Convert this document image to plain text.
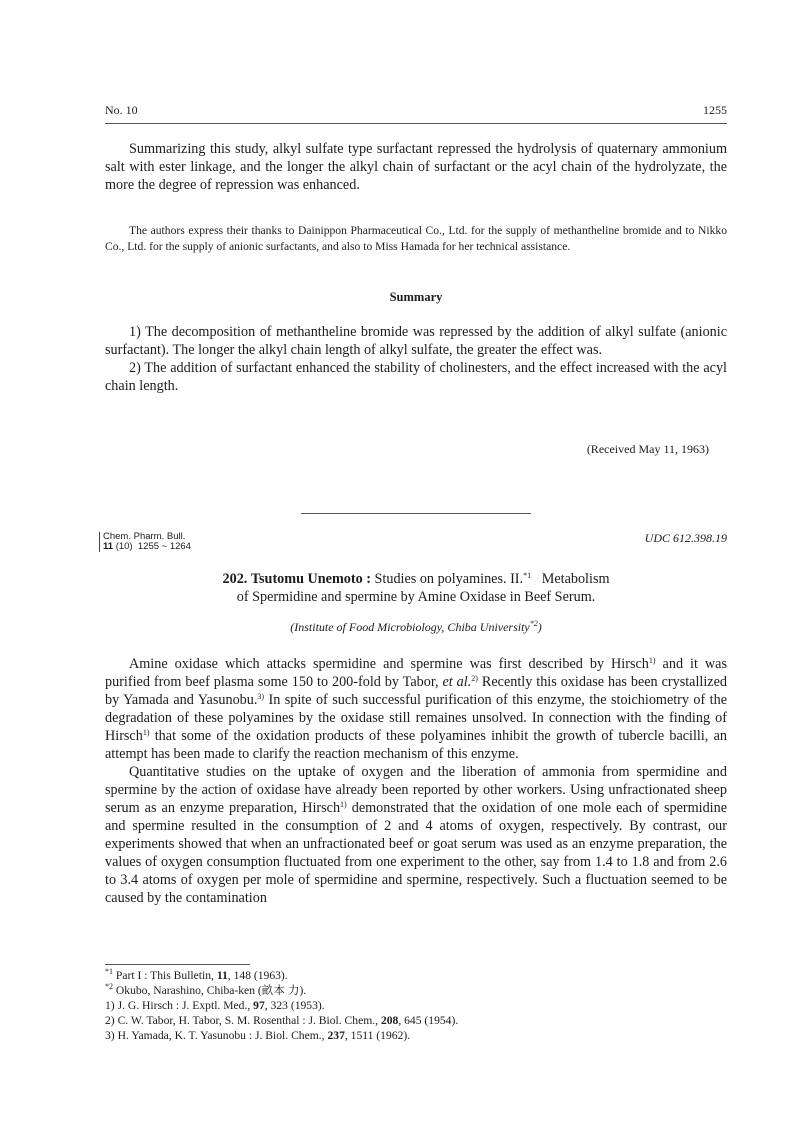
No. 10	1255

Summarizing this study, alkyl sulfate type surfactant repressed the hydrolysis of quaternary ammonium salt with ester linkage, and the longer the alkyl chain of surfactant or the acyl chain of the hydrolyzate, the more the degree of repression was enhanced.

The authors express their thanks to Dainippon Pharmaceutical Co., Ltd. for the supply of methantheline bromide and to Nikko Co., Ltd. for the supply of anionic surfactants, and also to Miss Hamada for her technical assistance.

Summary

1) The decomposition of methantheline bromide was repressed by the addition of alkyl sulfate (anionic surfactant). The longer the alkyl chain length of alkyl sulfate, the greater the effect was.

2) The addition of surfactant enhanced the stability of cholinesters, and the effect increased with the acyl chain length.

(Received May 11, 1963)
Chem. Pharm. Bull.
11 (10) 1255 ~ 1264
UDC 612.398.19
202. Tsutomu Unemoto : Studies on polyamines. II.$^{*1}$ Metabolism
of Spermidine and spermine by Amine Oxidase in Beef Serum.
(Institute of Food Microbiology, Chiba University$^{*2}$)

Amine oxidase which attacks spermidine and spermine was first described by Hirsch$^{1)}$ and it was purified from beef plasma some 150 to 200-fold by Tabor, et al.$^{2)}$ Recently this oxidase has been crystallized by Yamada and Yasunobu.$^{3)}$ In spite of such successful purification of this enzyme, the stoichiometry of the degradation of these polyamines by the oxidase still remaines unsolved. In connection with the finding of Hirsch$^{1)}$ that some of the oxidation products of these polyamines inhibit the growth of tubercle bacilli, an attempt has been made to clarify the reaction mechanism of this enzyme.

Quantitative studies on the uptake of oxygen and the liberation of ammonia from spermidine and spermine by the action of oxidase have already been reported by other workers. Using unfractionated sheep serum as an enzyme preparation, Hirsch$^{1)}$ demonstrated that the oxidation of one mole each of spermidine and spermine resulted in the consumption of 2 and 4 atoms of oxygen, respectively. By contrast, our experiments showed that when an unfractionated beef or goat serum was used as an enzyme preparation, the values of oxygen consumption fluctuated from one experiment to the other, say from 1.4 to 1.8 and from 2.6 to 3.4 atoms of oxygen per mole of spermidine and spermine, respectively. Such a fluctuation seemed to be caused by the contamination

$^{*1}$ Part I : This Bulletin, 11, 148 (1963).
$^{*2}$ Okubo, Narashino, Chiba-ken (畝本 力).
1) J. G. Hirsch : J. Exptl. Med., 97, 323 (1953).
2) C. W. Tabor, H. Tabor, S. M. Rosenthal : J. Biol. Chem., 208, 645 (1954).
3) H. Yamada, K. T. Yasunobu : J. Biol. Chem., 237, 1511 (1962).
